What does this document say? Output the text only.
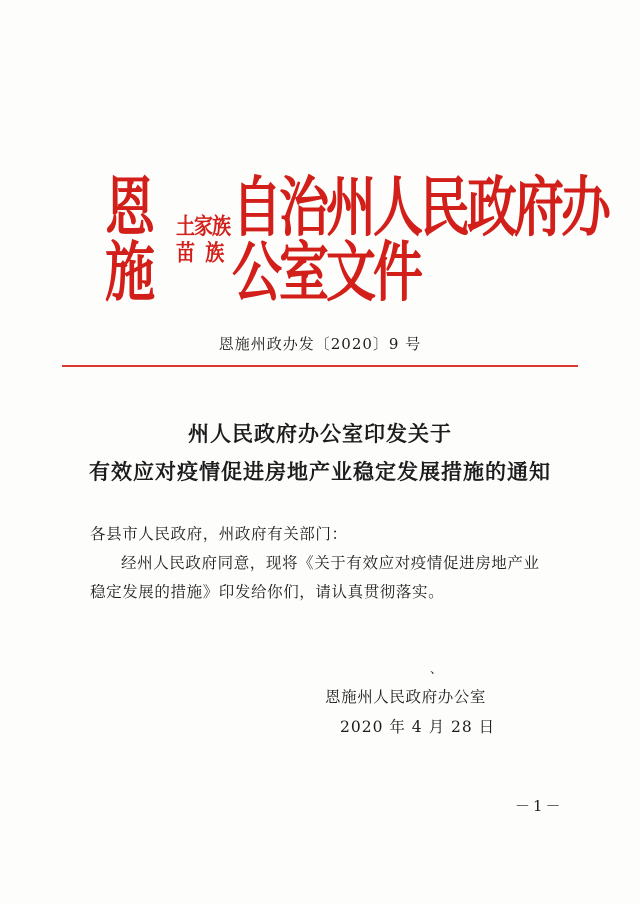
恩施
土家族
苗  族
自治州人民政府办公室文件
恩施州政办发〔2020〕9 号
州人民政府办公室印发关于
有效应对疫情促进房地产业稳定发展措施的通知
各县市人民政府，州政府有关部门：
经州人民政府同意，现将《关于有效应对疫情促进房地产业
稳定发展的措施》印发给你们，请认真贯彻落实。
、
恩施州人民政府办公室
2020 年 4 月 28 日
－1－
